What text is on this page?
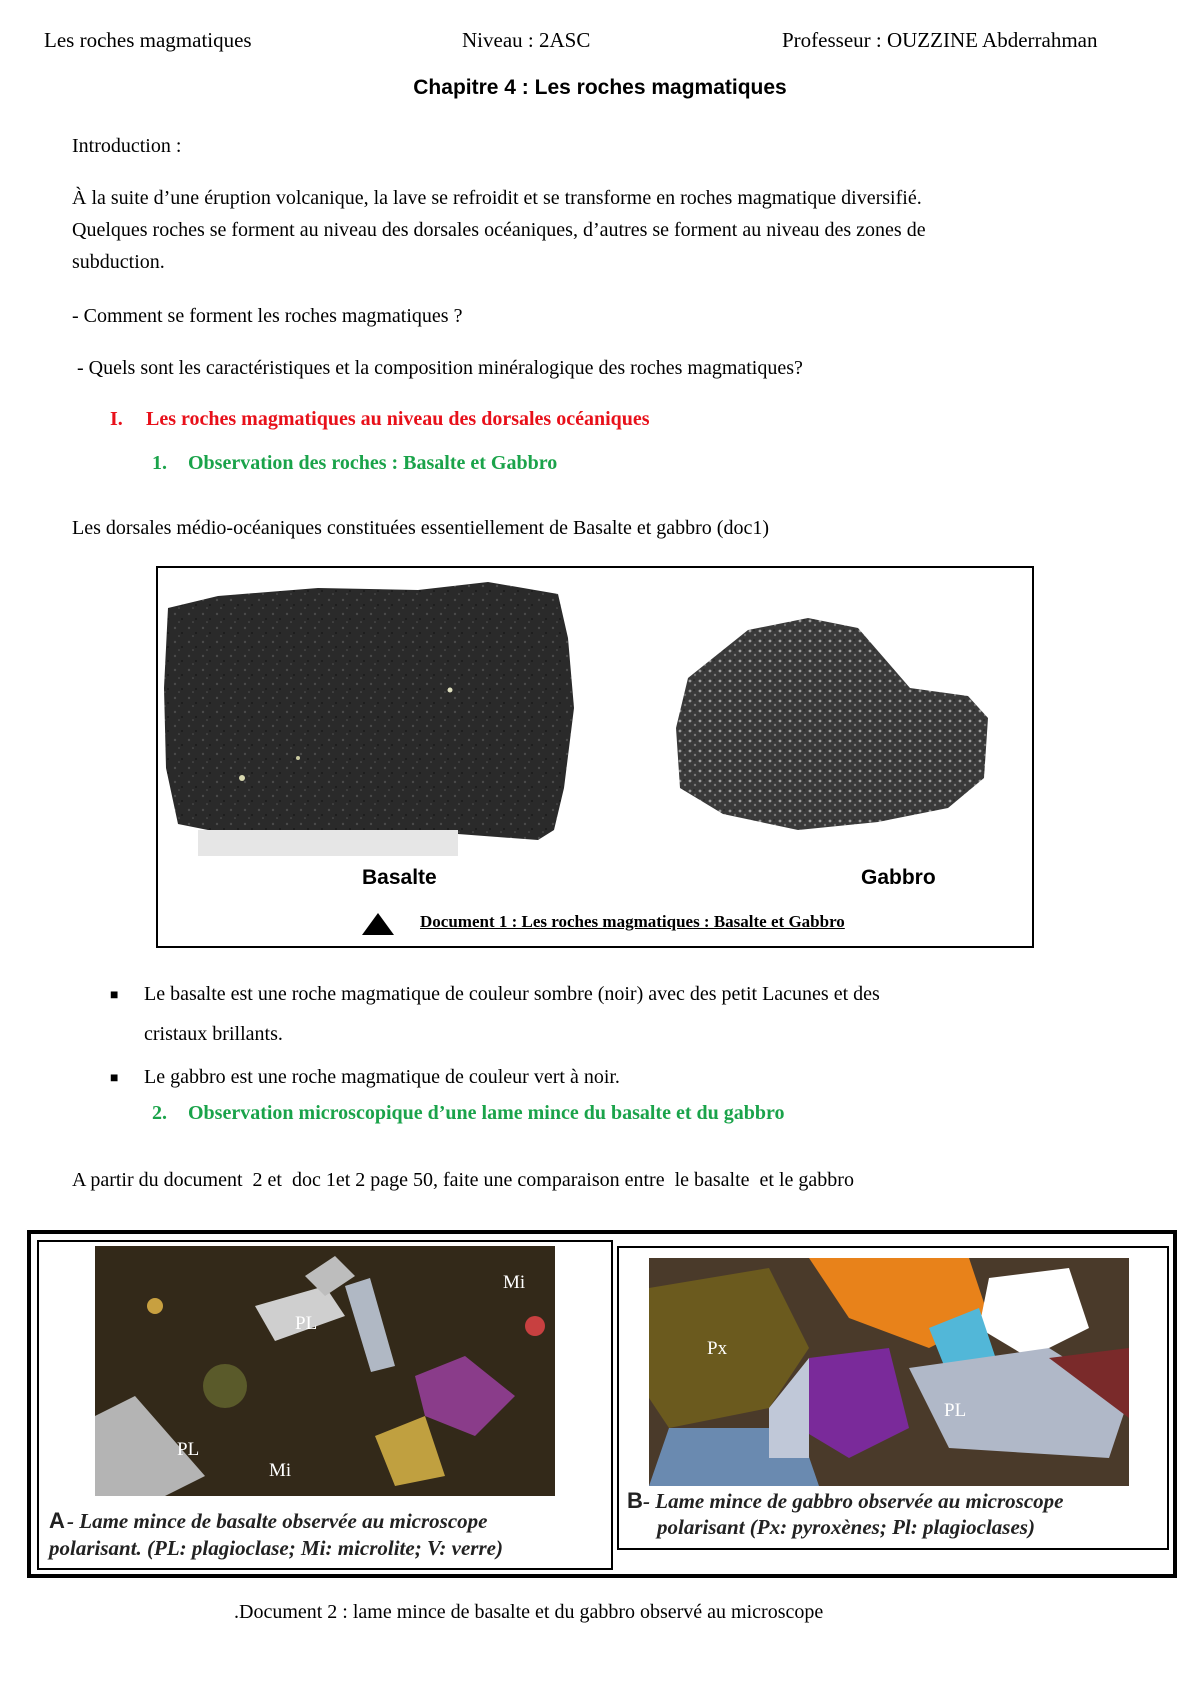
Les roches magmatiques	Niveau : 2ASC	Professeur : OUZZINE Abderrahman
Chapitre 4 : Les roches magmatiques
Introduction :
À la suite d’une éruption volcanique, la lave se refroidit et se transforme en roches magmatique diversifié.
Quelques roches se forment au niveau des dorsales océaniques, d’autres se forment au niveau des zones de
subduction.
- Comment se forment les roches magmatiques ?
- Quels sont les caractéristiques et la composition minéralogique des roches magmatiques?
I. Les roches magmatiques au niveau des dorsales océaniques
1. Observation des roches : Basalte et Gabbro
Les dorsales médio-océaniques constituées essentiellement de Basalte et gabbro (doc1)
Basalte	Gabbro
Document 1 : Les roches magmatiques : Basalte et Gabbro
■ Le basalte est une roche magmatique de couleur sombre (noir) avec des petit Lacunes et des
cristaux brillants.
■ Le gabbro est une roche magmatique de couleur vert à noir.
2. Observation microscopique d’une lame mince du basalte et du gabbro
A partir du document  2 et  doc 1et 2 page 50, faite une comparaison entre  le basalte  et le gabbro
PL
Mi
PL
Mi
A - Lame mince de basalte observée au microscope
polarisant. (PL: plagioclase; Mi: microlite; V: verre)
Px
PL
B - Lame mince de gabbro observée au microscope
polarisant (Px: pyroxènes; Pl: plagioclases)
.Document 2 : lame mince de basalte et du gabbro observé au microscope
